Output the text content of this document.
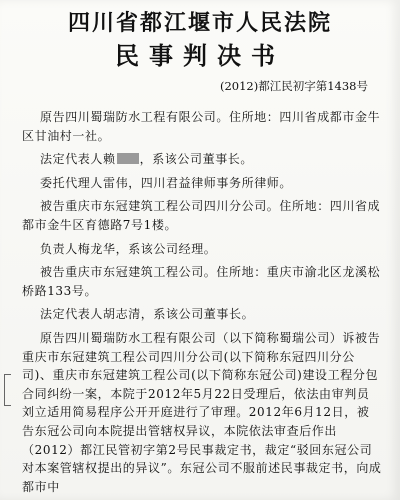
四川省都江堰市人民法院
民事判决书
(2012)都江民初字第1438号

原告四川蜀瑞防水工程有限公司。住所地：四川省成都市金牛区甘油村一社。

法定代表人赖 ，系该公司董事长。

委托代理人雷伟，四川君益律师事务所律师。

被告重庆市东冠建筑工程公司四川分公司。住所地：四川省成都市金牛区育德路7号1楼。

负责人梅龙华，系该公司经理。

被告重庆市东冠建筑工程公司。住所地：重庆市渝北区龙溪松桥路133号。

法定代表人胡志清，系该公司董事长。

原告四川蜀瑞防水工程有限公司（以下简称蜀瑞公司）诉被告重庆市东冠建筑工程公司四川分公司(以下简称东冠四川分公司)、重庆市东冠建筑工程公司(以下简称东冠公司)建设工程分包合同纠纷一案，本院于2012年5月22日受理后，依法由审判员刘立适用简易程序公开开庭进行了审理。2012年6月12日，被告东冠公司向本院提出管辖权异议，本院依法审查后作出（2012）都江民管初字第2号民事裁定书，裁定“驳回东冠公司对本案管辖权提出的异议”。东冠公司不服前述民事裁定书，向成都市中
